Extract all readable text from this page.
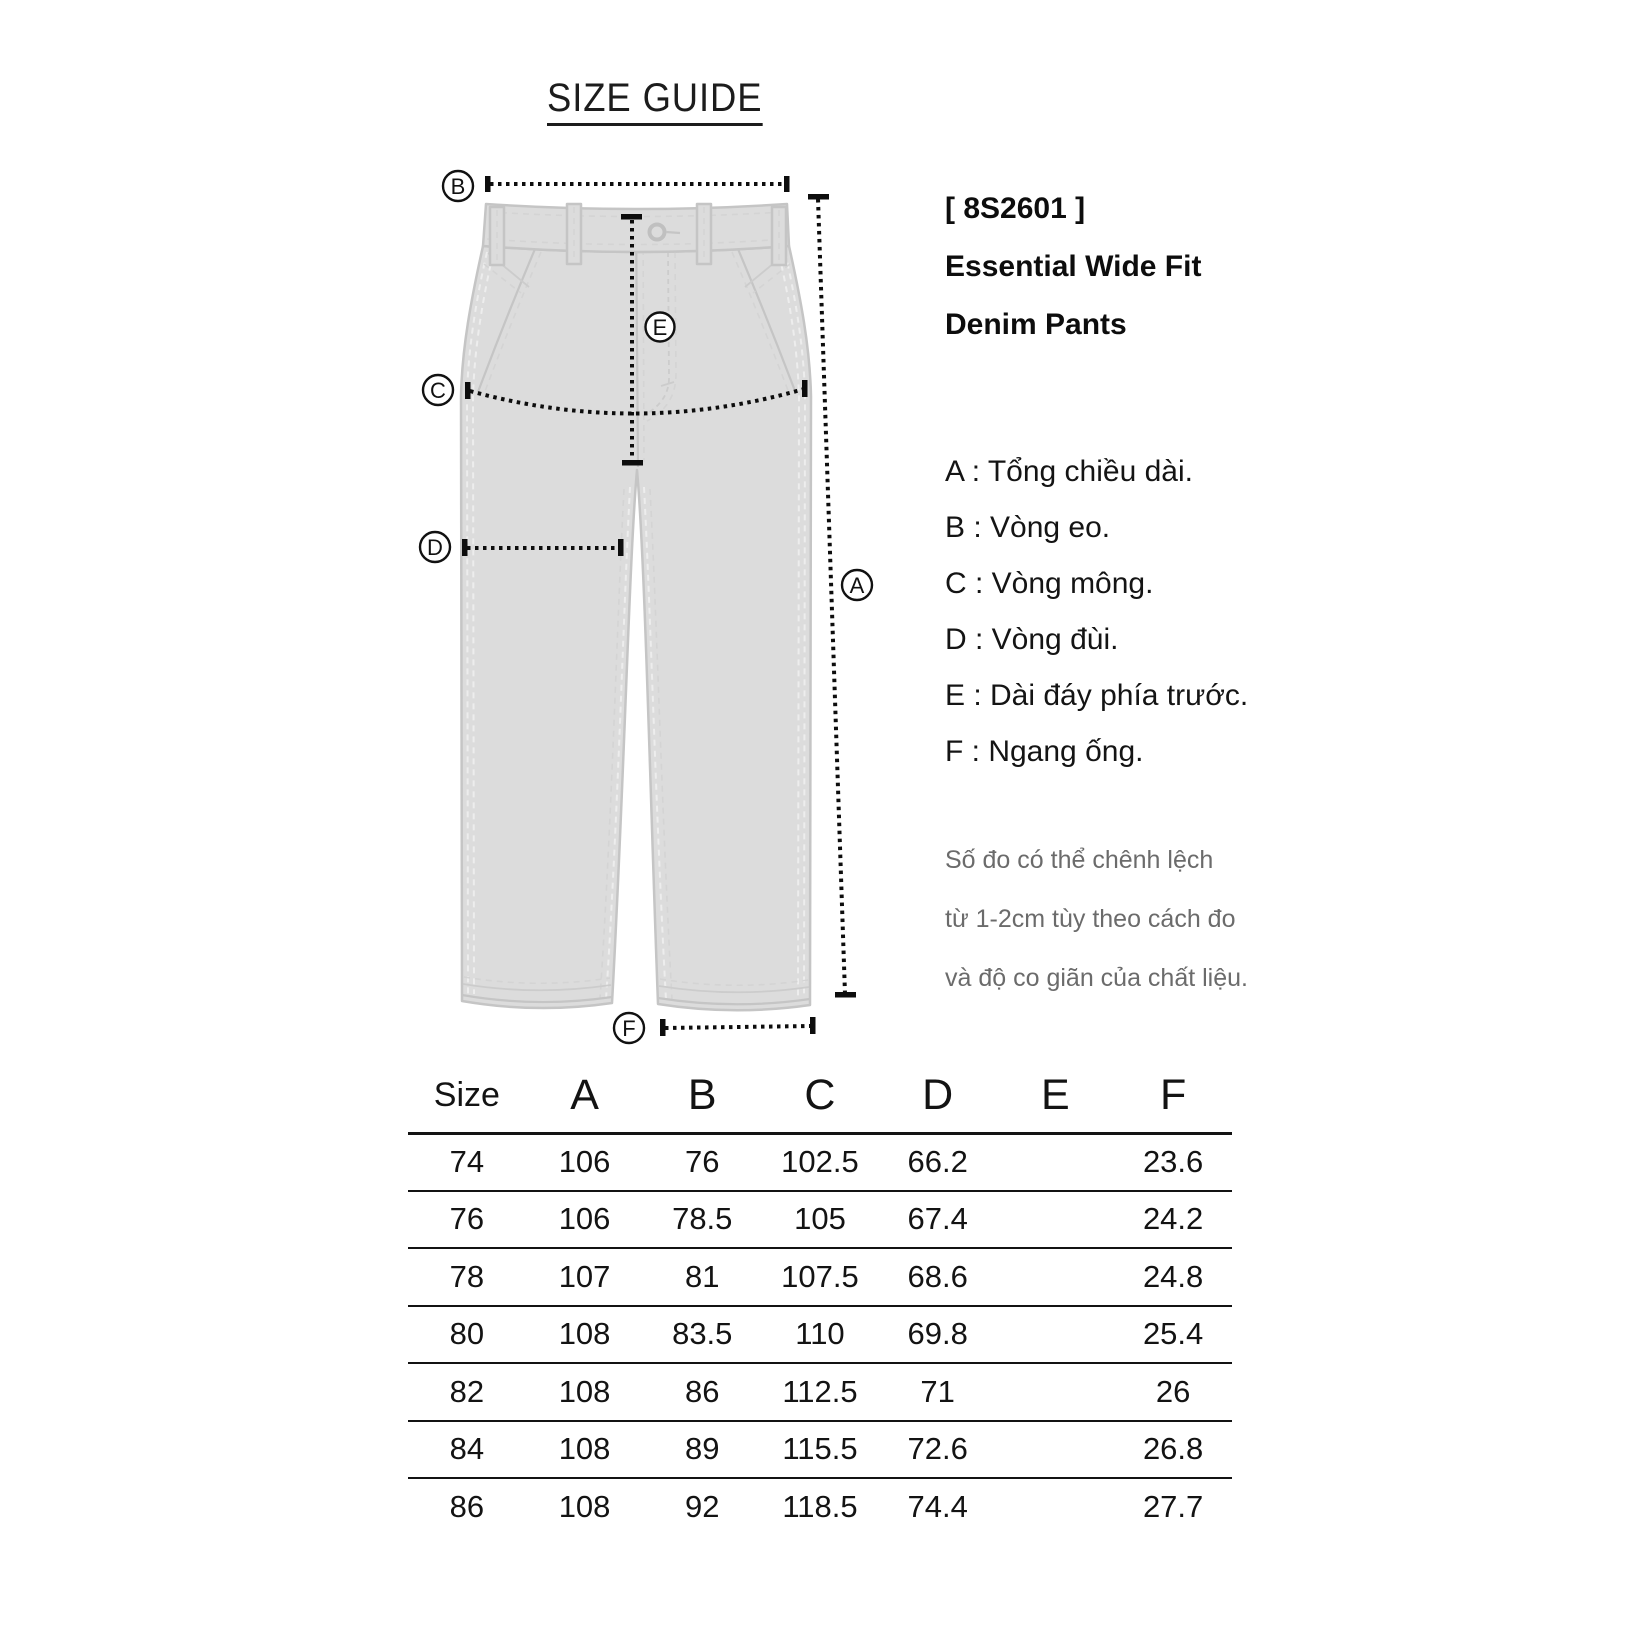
SIZE GUIDE
B
C
D
E
A
F
[ 8S2601 ]
Essential Wide Fit
Denim Pants
A : Tổng chiều dài.
B : Vòng eo.
C : Vòng mông.
D : Vòng đùi.
E : Dài đáy phía trước.
F : Ngang ống.
Số đo có thể chênh lệch
từ 1-2cm tùy theo cách đo
và độ co giãn của chất liệu.
Size	A	B	C	D	E	F
74	106	76	102.5	66.2		23.6
76	106	78.5	105	67.4		24.2
78	107	81	107.5	68.6		24.8
80	108	83.5	110	69.8		25.4
82	108	86	112.5	71		26
84	108	89	115.5	72.6		26.8
86	108	92	118.5	74.4		27.7
